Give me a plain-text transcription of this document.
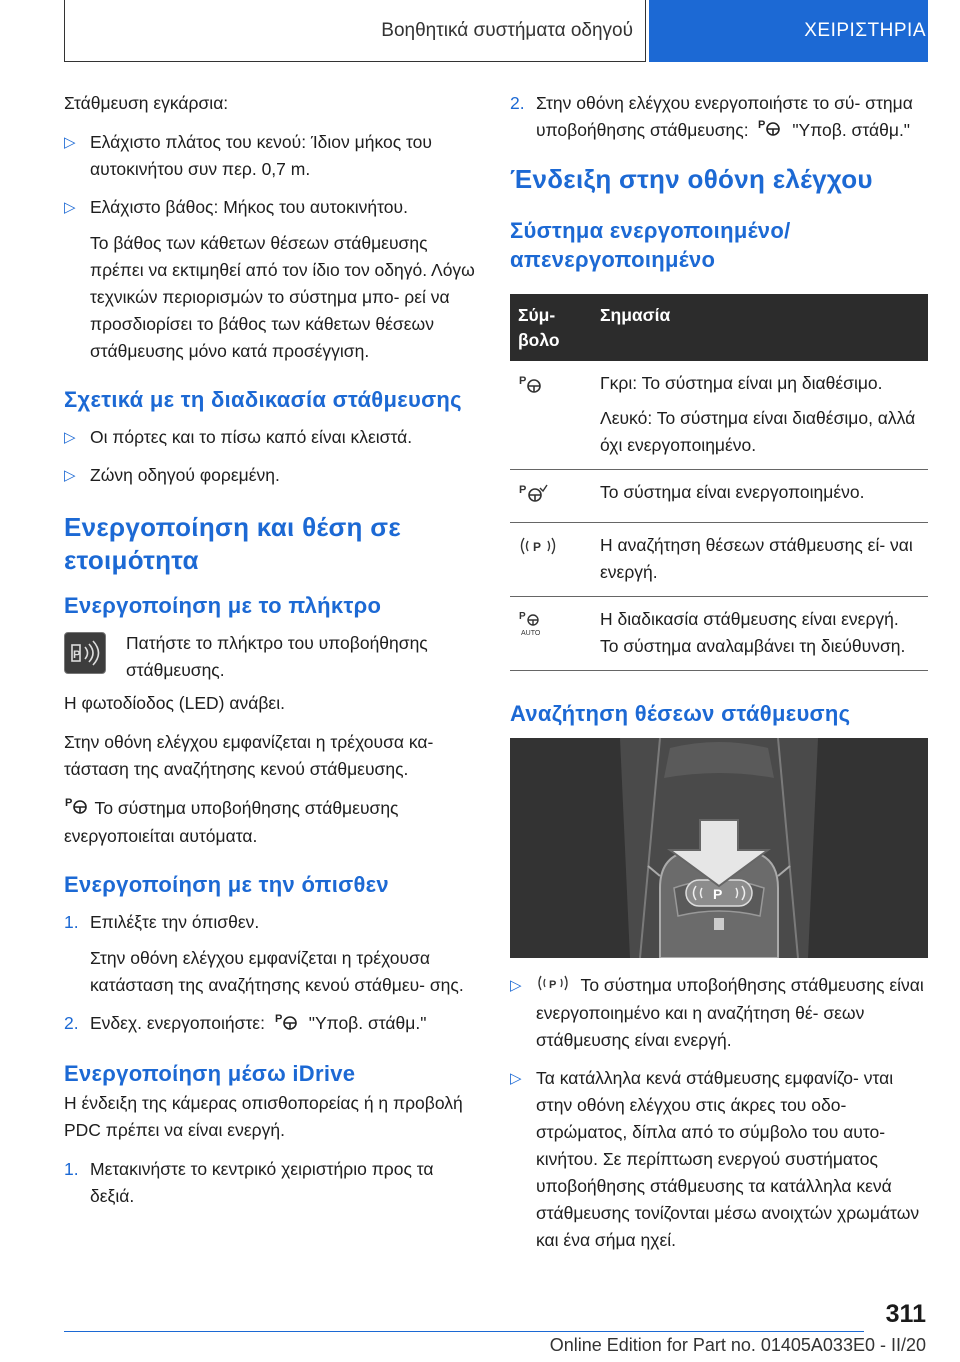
Βοηθητικά συστήματα οδηγού	ΧΕΙΡΙΣΤΗΡΙΑ

Στάθμευση εγκάρσια:

▷ Ελάχιστο πλάτος του κενού: Ίδιον μήκος του αυτοκινήτου συν περ. 0,7 m.
▷ Ελάχιστο βάθος: Μήκος του αυτοκινήτου.
Το βάθος των κάθετων θέσεων στάθμευσης πρέπει να εκτιμηθεί από τον ίδιο τον οδηγό. Λόγω τεχνικών περιορισμών το σύστημα μπο- ρεί να προσδιορίσει το βάθος των κάθετων θέσεων στάθμευσης μόνο κατά προσέγγιση.
Σχετικά με τη διαδικασία στάθμευσης
▷ Οι πόρτες και το πίσω καπό είναι κλειστά.
▷ Ζώνη οδηγού φορεμένη.
Ενεργοποίηση και θέση σε ετοιμότητα
Ενεργοποίηση με το πλήκτρο
P

Πατήστε το πλήκτρο του υποβοήθησης στάθμευσης.

Η φωτοδίοδος (LED) ανάβει.

Στην οθόνη ελέγχου εμφανίζεται η τρέχουσα κα- τάσταση της αναζήτησης κενού στάθμευσης.

P Το σύστημα υποβοήθησης στάθμευσης ενεργοποιείται αυτόματα.

Ενεργοποίηση με την όπισθεν
1. Επιλέξτε την όπισθεν.
Στην οθόνη ελέγχου εμφανίζεται η τρέχουσα κατάσταση της αναζήτησης κενού στάθμευ- σης.
2. Ενδεχ. ενεργοποιήστε: P "Υποβ. στάθμ."
Ενεργοποίηση μέσω iDrive

Η ένδειξη της κάμερας οπισθοπορείας ή η προβολή PDC πρέπει να είναι ενεργή.

1. Μετακινήστε το κεντρικό χειριστήριο προς τα δεξιά.
2. Στην οθόνη ελέγχου ενεργοποιήστε το σύ- στημα υποβοήθησης στάθμευσης: P "Υποβ. στάθμ."
Ένδειξη στην οθόνη ελέγχου
Σύστημα ενεργοποιημένο/ απενεργοποιημένο
Σύμ- βολο	Σημασία

P	Γκρι: Το σύστημα είναι μη διαθέσιμο.

Λευκό: Το σύστημα είναι διαθέσιμο, αλλά όχι ενεργοποιημένο.

P	Το σύστημα είναι ενεργοποιημένο.

P	Η αναζήτηση θέσεων στάθμευσης εί- ναι ενεργή.

P
AUTO	Η διαδικασία στάθμευσης είναι ενεργή. Το σύστημα αναλαμβάνει τη διεύθυνση.

Αναζήτηση θέσεων στάθμευσης
P
▷ P Το σύστημα υποβοήθησης στάθμευσης είναι ενεργοποιημένο και η αναζήτηση θέ- σεων στάθμευσης είναι ενεργή.
▷ Τα κατάλληλα κενά στάθμευσης εμφανίζο- νται στην οθόνη ελέγχου στις άκρες του οδο- στρώματος, δίπλα από το σύμβολο του αυτο- κινήτου. Σε περίπτωση ενεργού συστήματος υποβοήθησης στάθμευσης τα κατάλληλα κενά στάθμευσης τονίζονται μέσω ανοιχτών χρωμάτων και ένα σήμα ηχεί.
311
Online Edition for Part no. 01405A033E0 - II/20
